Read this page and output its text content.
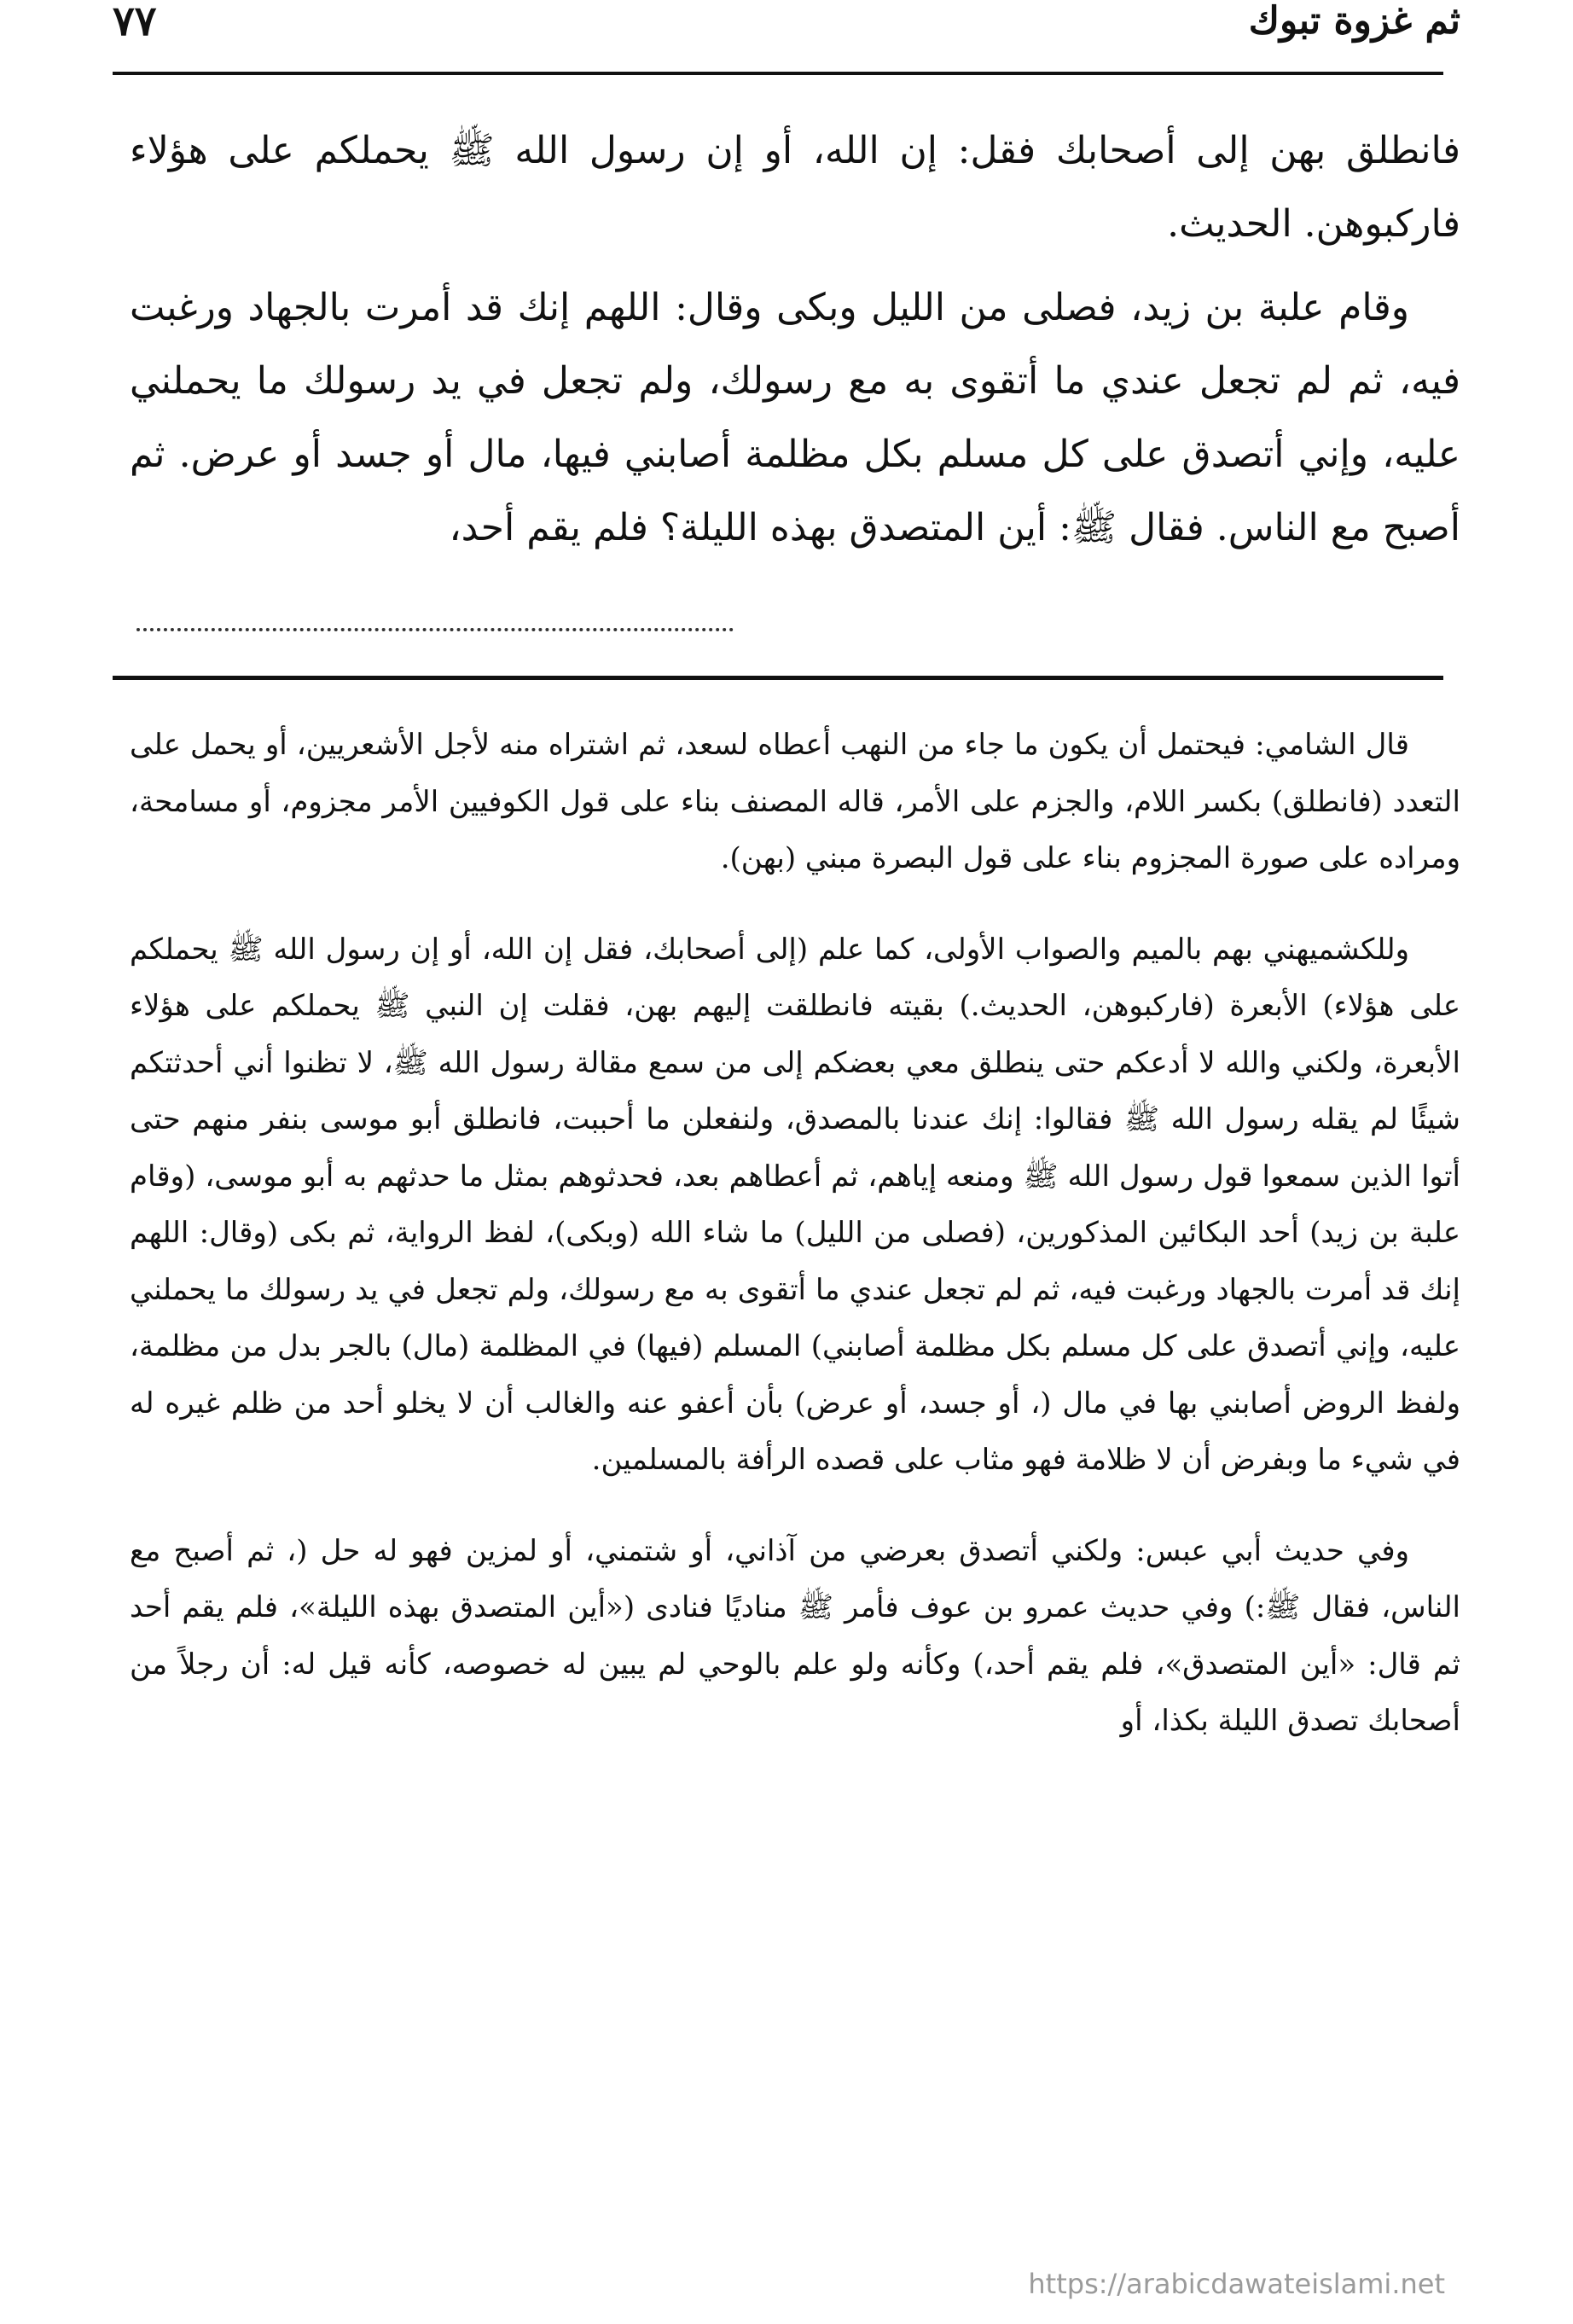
ثم غزوة تبوك
٧٧

فانطلق بهن إلى أصحابك فقل: إن الله، أو إن رسول الله ﷺ يحملكم على هؤلاء فاركبوهن. الحديث.

وقام علبة بن زيد، فصلى من الليل وبكى وقال: اللهم إنك قد أمرت بالجهاد ورغبت فيه، ثم لم تجعل عندي ما أتقوى به مع رسولك، ولم تجعل في يد رسولك ما يحملني عليه، وإني أتصدق على كل مسلم بكل مظلمة أصابني فيها، مال أو جسد أو عرض. ثم أصبح مع الناس. فقال ﷺ: أين المتصدق بهذه الليلة؟ فلم يقم أحد،

قال الشامي: فيحتمل أن يكون ما جاء من النهب أعطاه لسعد، ثم اشتراه منه لأجل الأشعريين، أو يحمل على التعدد (فانطلق) بكسر اللام، والجزم على الأمر، قاله المصنف بناء على قول الكوفيين الأمر مجزوم، أو مسامحة، ومراده على صورة المجزوم بناء على قول البصرة مبني (بهن).

وللكشميهني بهم بالميم والصواب الأولى، كما علم (إلى أصحابك، فقل إن الله، أو إن رسول الله ﷺ يحملكم على هؤلاء) الأبعرة (فاركبوهن، الحديث.) بقيته فانطلقت إليهم بهن، فقلت إن النبي ﷺ يحملكم على هؤلاء الأبعرة، ولكني والله لا أدعكم حتى ينطلق معي بعضكم إلى من سمع مقالة رسول الله ﷺ، لا تظنوا أني أحدثتكم شيئًا لم يقله رسول الله ﷺ فقالوا: إنك عندنا بالمصدق، ولنفعلن ما أحببت، فانطلق أبو موسى بنفر منهم حتى أتوا الذين سمعوا قول رسول الله ﷺ ومنعه إياهم، ثم أعطاهم بعد، فحدثوهم بمثل ما حدثهم به أبو موسى، (وقام علبة بن زيد) أحد البكائين المذكورين، (فصلى من الليل) ما شاء الله (وبكى)، لفظ الرواية، ثم بكى (وقال: اللهم إنك قد أمرت بالجهاد ورغبت فيه، ثم لم تجعل عندي ما أتقوى به مع رسولك، ولم تجعل في يد رسولك ما يحملني عليه، وإني أتصدق على كل مسلم بكل مظلمة أصابني) المسلم (فيها) في المظلمة (مال) بالجر بدل من مظلمة، ولفظ الروض أصابني بها في مال (، أو جسد، أو عرض) بأن أعفو عنه والغالب أن لا يخلو أحد من ظلم غيره له في شيء ما وبفرض أن لا ظلامة فهو مثاب على قصده الرأفة بالمسلمين.

وفي حديث أبي عبس: ولكني أتصدق بعرضي من آذاني، أو شتمني، أو لمزين فهو له حل (، ثم أصبح مع الناس، فقال ﷺ:) وفي حديث عمرو بن عوف فأمر ﷺ مناديًا فنادى («أين المتصدق بهذه الليلة»، فلم يقم أحد ثم قال: «أين المتصدق»، فلم يقم أحد،) وكأنه ولو علم بالوحي لم يبين له خصوصه، كأنه قيل له: أن رجلاً من أصحابك تصدق الليلة بكذا، أو

https://arabicdawateislami.net
